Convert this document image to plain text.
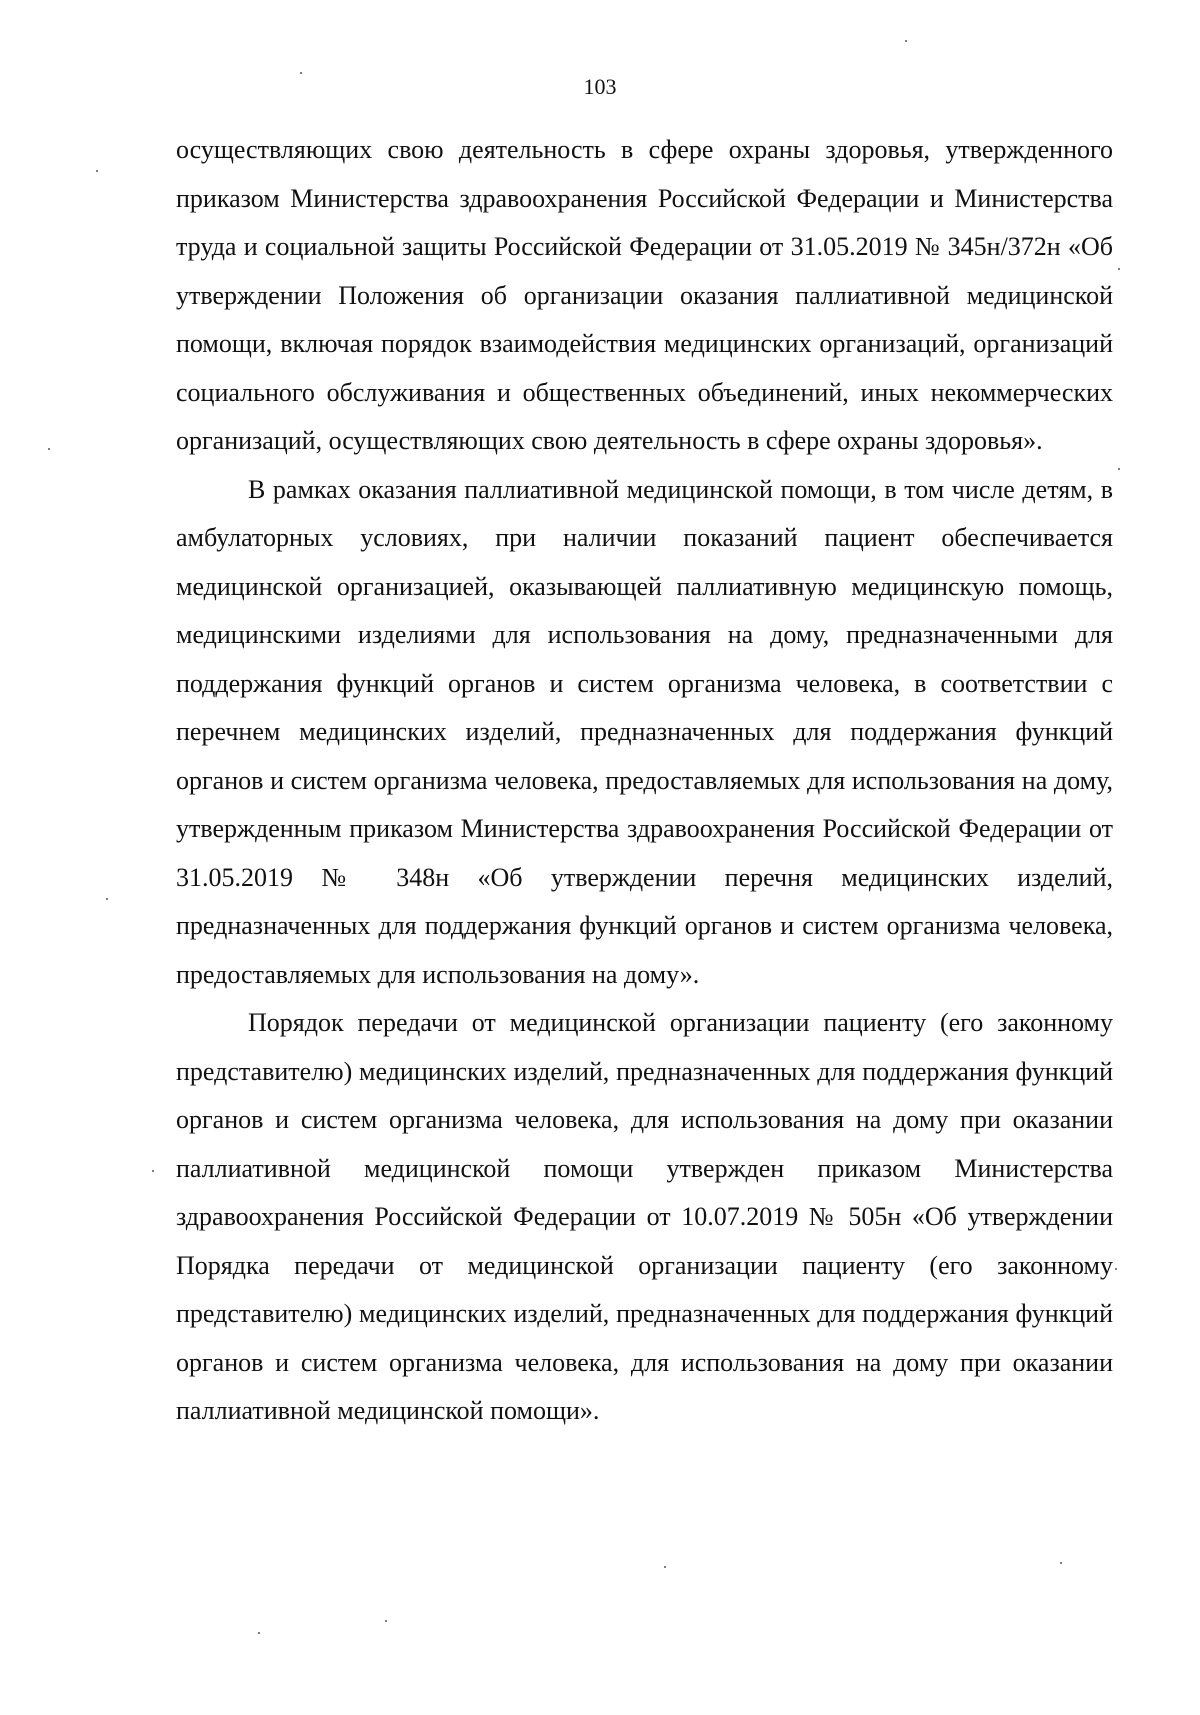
103

осуществляющих свою деятельность в сфере охраны здоровья, утвержденного приказом Министерства здравоохранения Российской Федерации и Министерства труда и социальной защиты Российской Федерации от 31.05.2019 № 345н/372н «Об утверждении Положения об организации оказания паллиативной медицинской помощи, включая порядок взаимодействия медицинских организаций, организаций социального обслуживания и общественных объединений, иных некоммерческих организаций, осуществляющих свою деятельность в сфере охраны здоровья».

В рамках оказания паллиативной медицинской помощи, в том числе детям, в амбулаторных условиях, при наличии показаний пациент обеспечивается медицинской организацией, оказывающей паллиативную медицинскую помощь, медицинскими изделиями для использования на дому, предназначенными для поддержания функций органов и систем организма человека, в соответствии с перечнем медицинских изделий, предназначенных для поддержания функций органов и систем организма человека, предоставляемых для использования на дому, утвержденным приказом Министерства здравоохранения Российской Федерации от 31.05.2019 № 348н «Об утверждении перечня медицинских изделий, предназначенных для поддержания функций органов и систем организма человека, предоставляемых для использования на дому».

Порядок передачи от медицинской организации пациенту (его законному представителю) медицинских изделий, предназначенных для поддержания функций органов и систем организма человека, для использования на дому при оказании паллиативной медицинской помощи утвержден приказом Министерства здравоохранения Российской Федерации от 10.07.2019 № 505н «Об утверждении Порядка передачи от медицинской организации пациенту (его законному представителю) медицинских изделий, предназначенных для поддержания функций органов и систем организма человека, для использования на дому при оказании паллиативной медицинской помощи».
